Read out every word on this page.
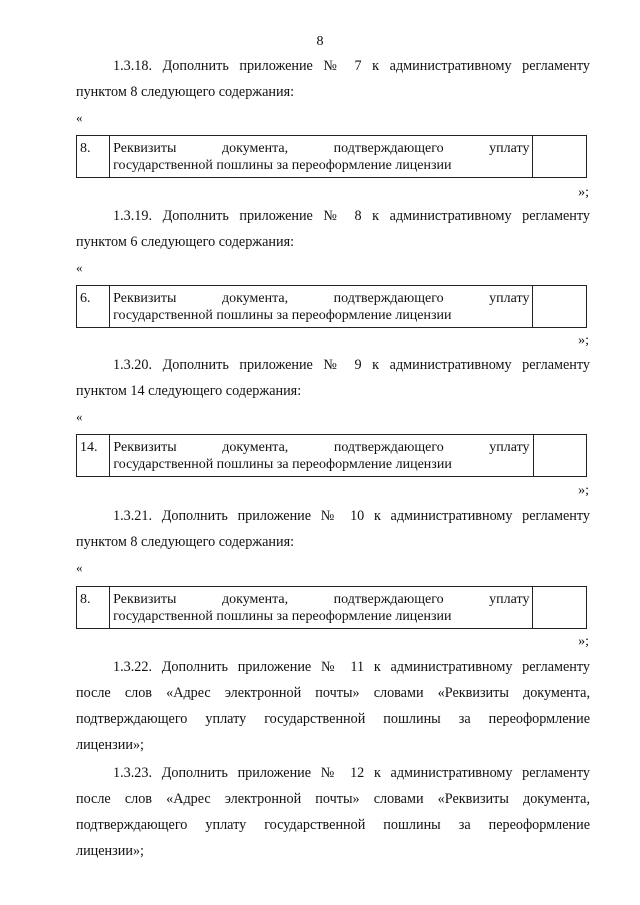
8
1.3.18. Дополнить приложение № 7 к административному регламенту
пунктом 8 следующего содержания:
«
8.	Реквизиты документа, подтверждающего уплату
государственной пошлины за переоформление лицензии

»;
1.3.19. Дополнить приложение № 8 к административному регламенту
пунктом 6 следующего содержания:
«
6.	Реквизиты документа, подтверждающего уплату
государственной пошлины за переоформление лицензии

»;
1.3.20. Дополнить приложение № 9 к административному регламенту
пунктом 14 следующего содержания:
«
14.	Реквизиты документа, подтверждающего уплату
государственной пошлины за переоформление лицензии

»;
1.3.21. Дополнить приложение № 10 к административному регламенту
пунктом 8 следующего содержания:
«
8.	Реквизиты документа, подтверждающего уплату
государственной пошлины за переоформление лицензии

»;
1.3.22. Дополнить приложение № 11 к административному регламенту
после слов «Адрес электронной почты» словами «Реквизиты документа,
подтверждающего уплату государственной пошлины за переоформление
лицензии»;
1.3.23. Дополнить приложение № 12 к административному регламенту
после слов «Адрес электронной почты» словами «Реквизиты документа,
подтверждающего уплату государственной пошлины за переоформление
лицензии»;
